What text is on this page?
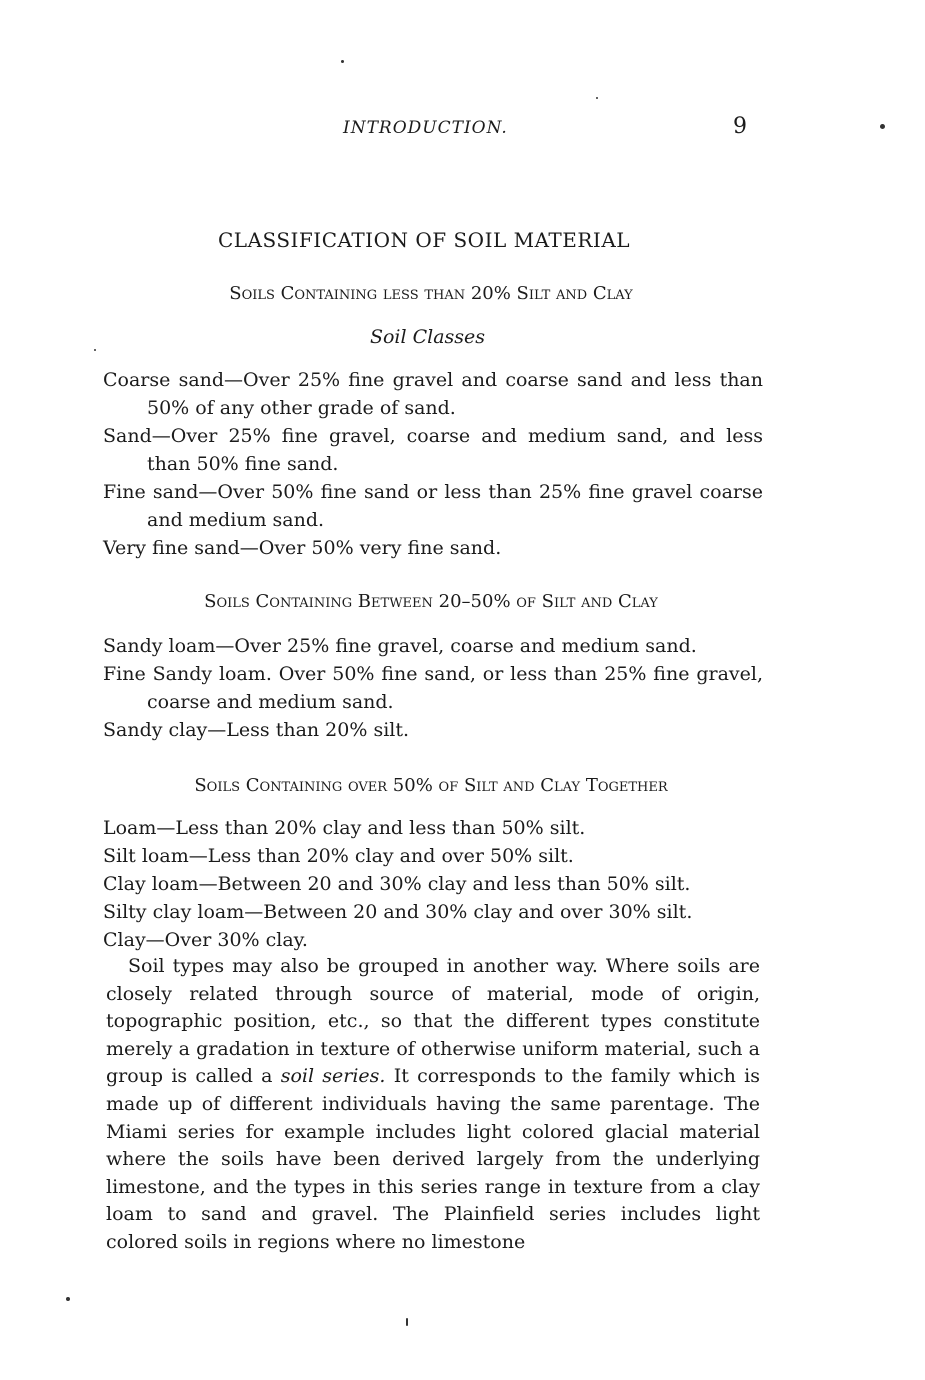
INTRODUCTION.	9
CLASSIFICATION OF SOIL MATERIAL
Soils Containing less than 20% Silt and Clay
Soil Classes
Coarse sand—Over 25% fine gravel and coarse sand and less than 50% of any other grade of sand.
Sand—Over 25% fine gravel, coarse and medium sand, and less than 50% fine sand.
Fine sand—Over 50% fine sand or less than 25% fine gravel coarse and medium sand.
Very fine sand—Over 50% very fine sand.
Soils Containing Between 20–50% of Silt and Clay
Sandy loam—Over 25% fine gravel, coarse and medium sand.
Fine Sandy loam. Over 50% fine sand, or less than 25% fine gravel, coarse and medium sand.
Sandy clay—Less than 20% silt.
Soils Containing over 50% of Silt and Clay Together
Loam—Less than 20% clay and less than 50% silt.
Silt loam—Less than 20% clay and over 50% silt.
Clay loam—Between 20 and 30% clay and less than 50% silt.
Silty clay loam—Between 20 and 30% clay and over 30% silt.
Clay—Over 30% clay.

Soil types may also be grouped in another way. Where soils are closely related through source of material, mode of origin, topographic position, etc., so that the different types constitute merely a gradation in texture of otherwise uniform material, such a group is called a soil series. It corresponds to the family which is made up of different individuals having the same parentage. The Miami series for example includes light colored glacial material where the soils have been derived largely from the underlying limestone, and the types in this series range in texture from a clay loam to sand and gravel. The Plainfield series includes light colored soils in regions where no limestone
